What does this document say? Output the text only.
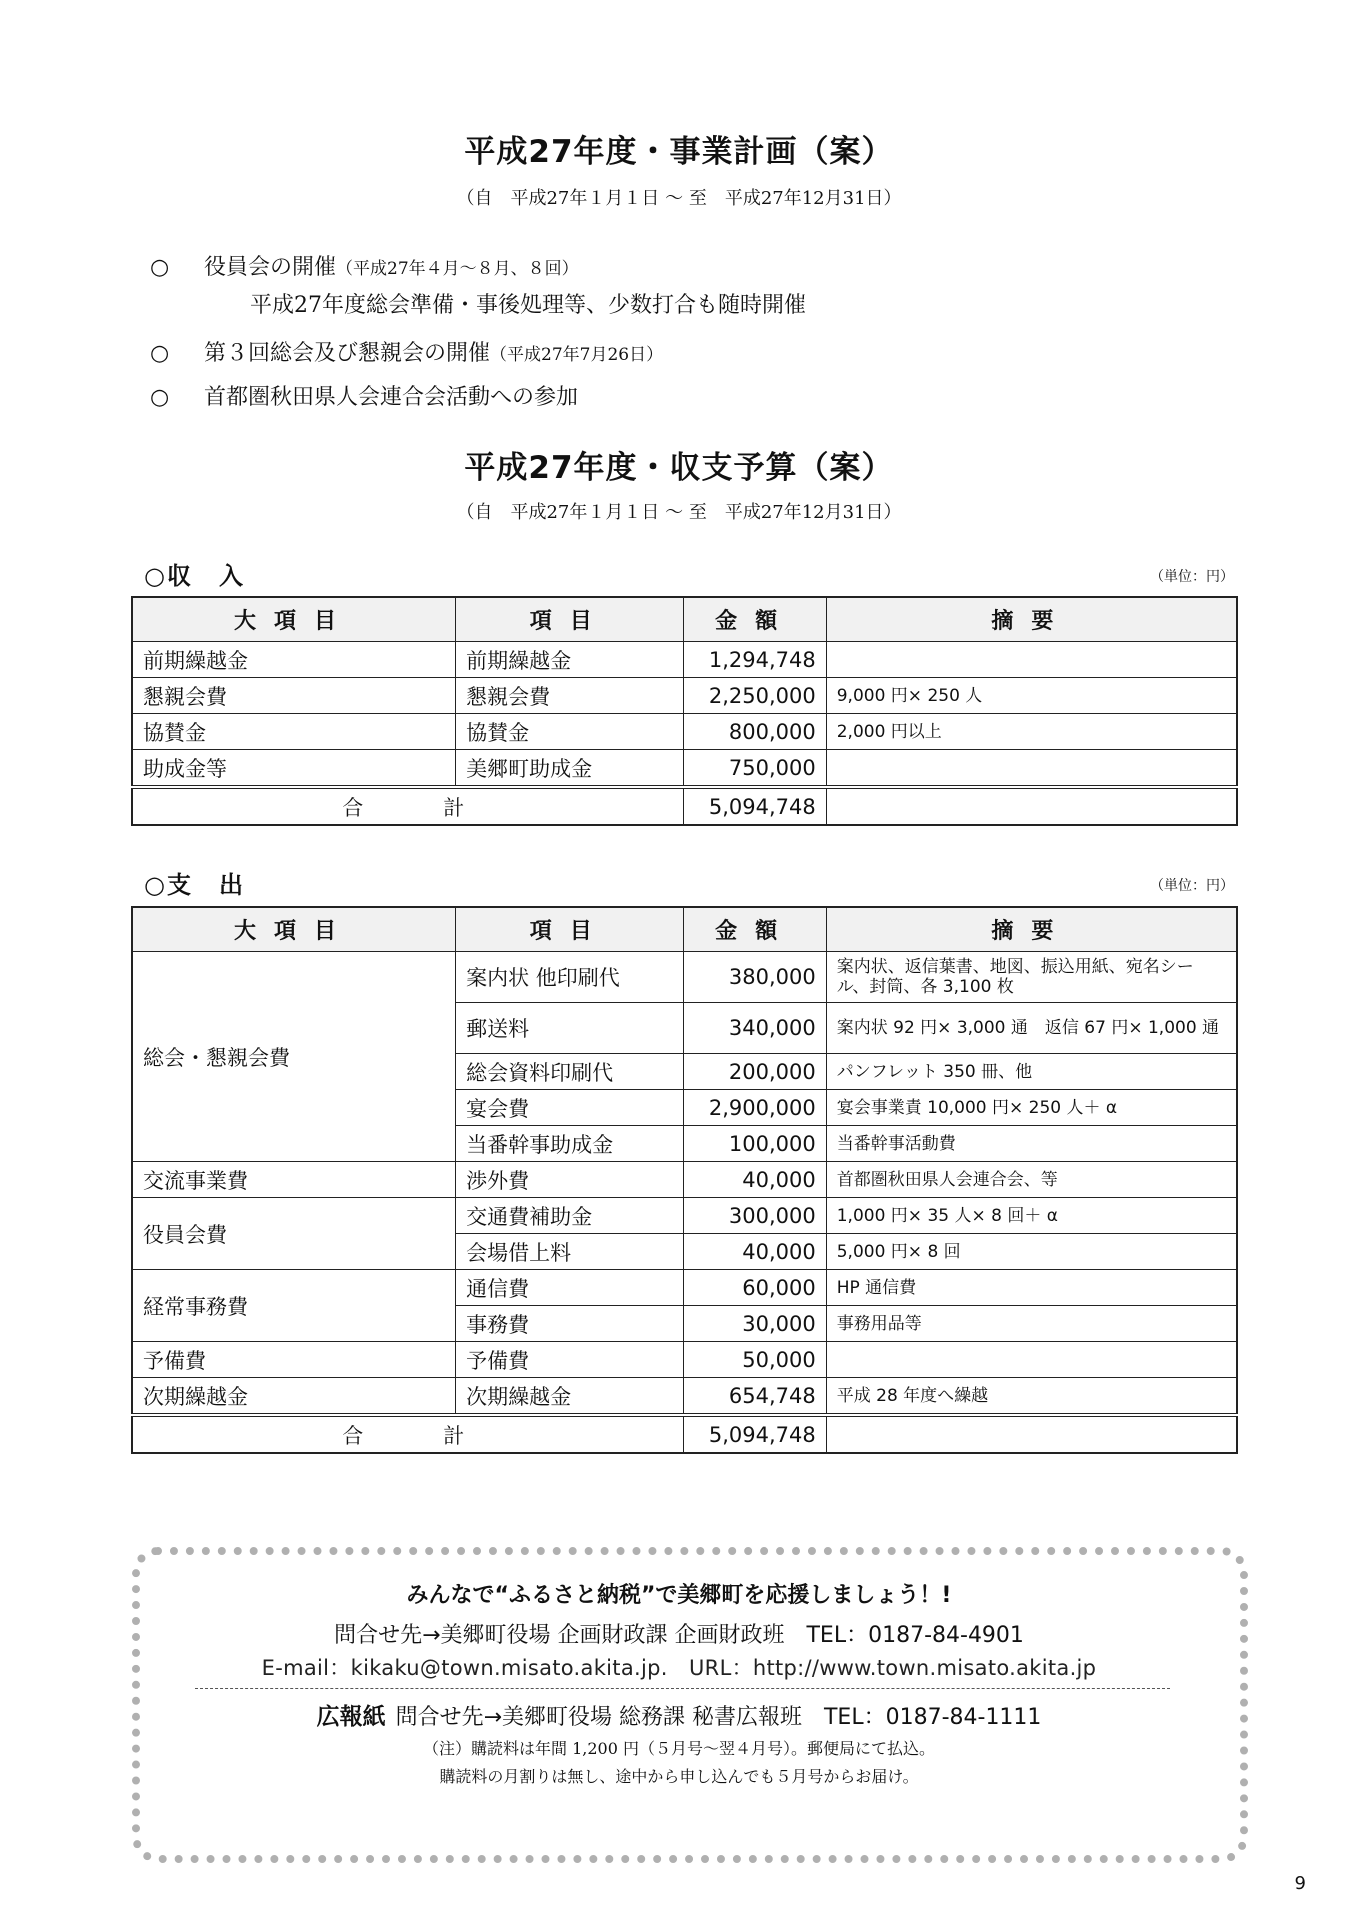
平成27年度・事業計画（案）
（自　平成27年１月１日 〜 至　平成27年12月31日）
○ 役員会の開催（平成27年４月〜８月、８回）
平成27年度総会準備・事後処理等、少数打合も随時開催
○ 第３回総会及び懇親会の開催（平成27年7月26日）
○ 首都圏秋田県人会連合会活動への参加
平成27年度・収支予算（案）
（自　平成27年１月１日 〜 至　平成27年12月31日）
○収　入	（単位：円）
大項目	項目	金額	摘要
前期繰越金	前期繰越金	1,294,748	
懇親会費	懇親会費	2,250,000	9,000 円× 250 人
協賛金	協賛金	800,000	2,000 円以上
助成金等	美郷町助成金	750,000	
合計		5,094,748	
○支　出	（単位：円）
大項目	項目	金額	摘要
総会・懇親会費	案内状 他印刷代	380,000	案内状、返信葉書、地図、振込用紙、宛名シール、封筒、各 3,100 枚
	郵送料	340,000	案内状 92 円× 3,000 通　返信 67 円× 1,000 通
	総会資料印刷代	200,000	パンフレット 350 冊、他
	宴会費	2,900,000	宴会事業責 10,000 円× 250 人＋ α
	当番幹事助成金	100,000	当番幹事活動費
交流事業費	渉外費	40,000	首都圏秋田県人会連合会、等
役員会費	交通費補助金	300,000	1,000 円× 35 人× 8 回＋ α
	会場借上料	40,000	5,000 円× 8 回
経常事務費	通信費	60,000	HP 通信費
	事務費	30,000	事務用品等
予備費	予備費	50,000	
次期繰越金	次期繰越金	654,748	平成 28 年度へ繰越
合計		5,094,748	
みんなで“ふるさと納税”で美郷町を応援しましょう！!
問合せ先→美郷町役場 企画財政課 企画財政班　TEL：0187-84-4901
E-mail：kikaku@town.misato.akita.jp.　URL：http://www.town.misato.akita.jp
広報紙 問合せ先→美郷町役場 総務課 秘書広報班　TEL：0187-84-1111
（注）購読料は年間 1,200 円（５月号〜翌４月号）。郵便局にて払込。
購読料の月割りは無し、途中から申し込んでも５月号からお届け。
9
